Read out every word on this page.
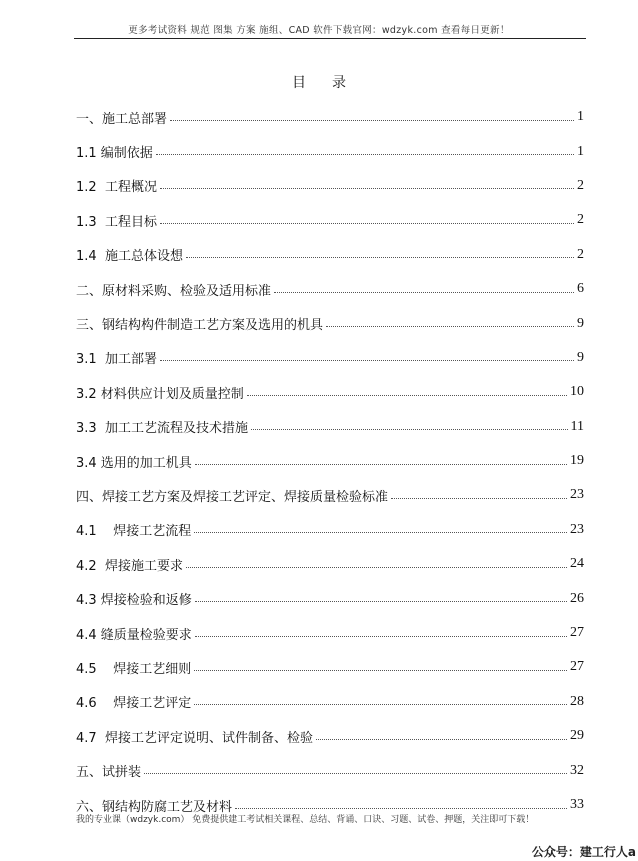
更多考试资料 规范 图集 方案 施组、CAD 软件下载官网：wdzyk.com 查看每日更新！
目录
一、施工总部署	1
1.1 编制依据	1
1.2  工程概况	2
1.3  工程目标	2
1.4  施工总体设想	2
二、原材料采购、检验及适用标准	6
三、钢结构构件制造工艺方案及选用的机具	9
3.1  加工部署	9
3.2 材料供应计划及质量控制	10
3.3  加工工艺流程及技术措施	11
3.4 选用的加工机具	19
四、焊接工艺方案及焊接工艺评定、焊接质量检验标准	23
4.1    焊接工艺流程	23
4.2  焊接施工要求	24
4.3 焊接检验和返修	26
4.4 缝质量检验要求	27
4.5    焊接工艺细则	27
4.6    焊接工艺评定	28
4.7  焊接工艺评定说明、试件制备、检验	29
五、试拼装	32
六、钢结构防腐工艺及材料	33
我的专业课（wdzyk.com） 免费提供建工考试相关课程、总结、背诵、口诀、习题、试卷、押题，关注即可下载！
公众号：建工行人a
